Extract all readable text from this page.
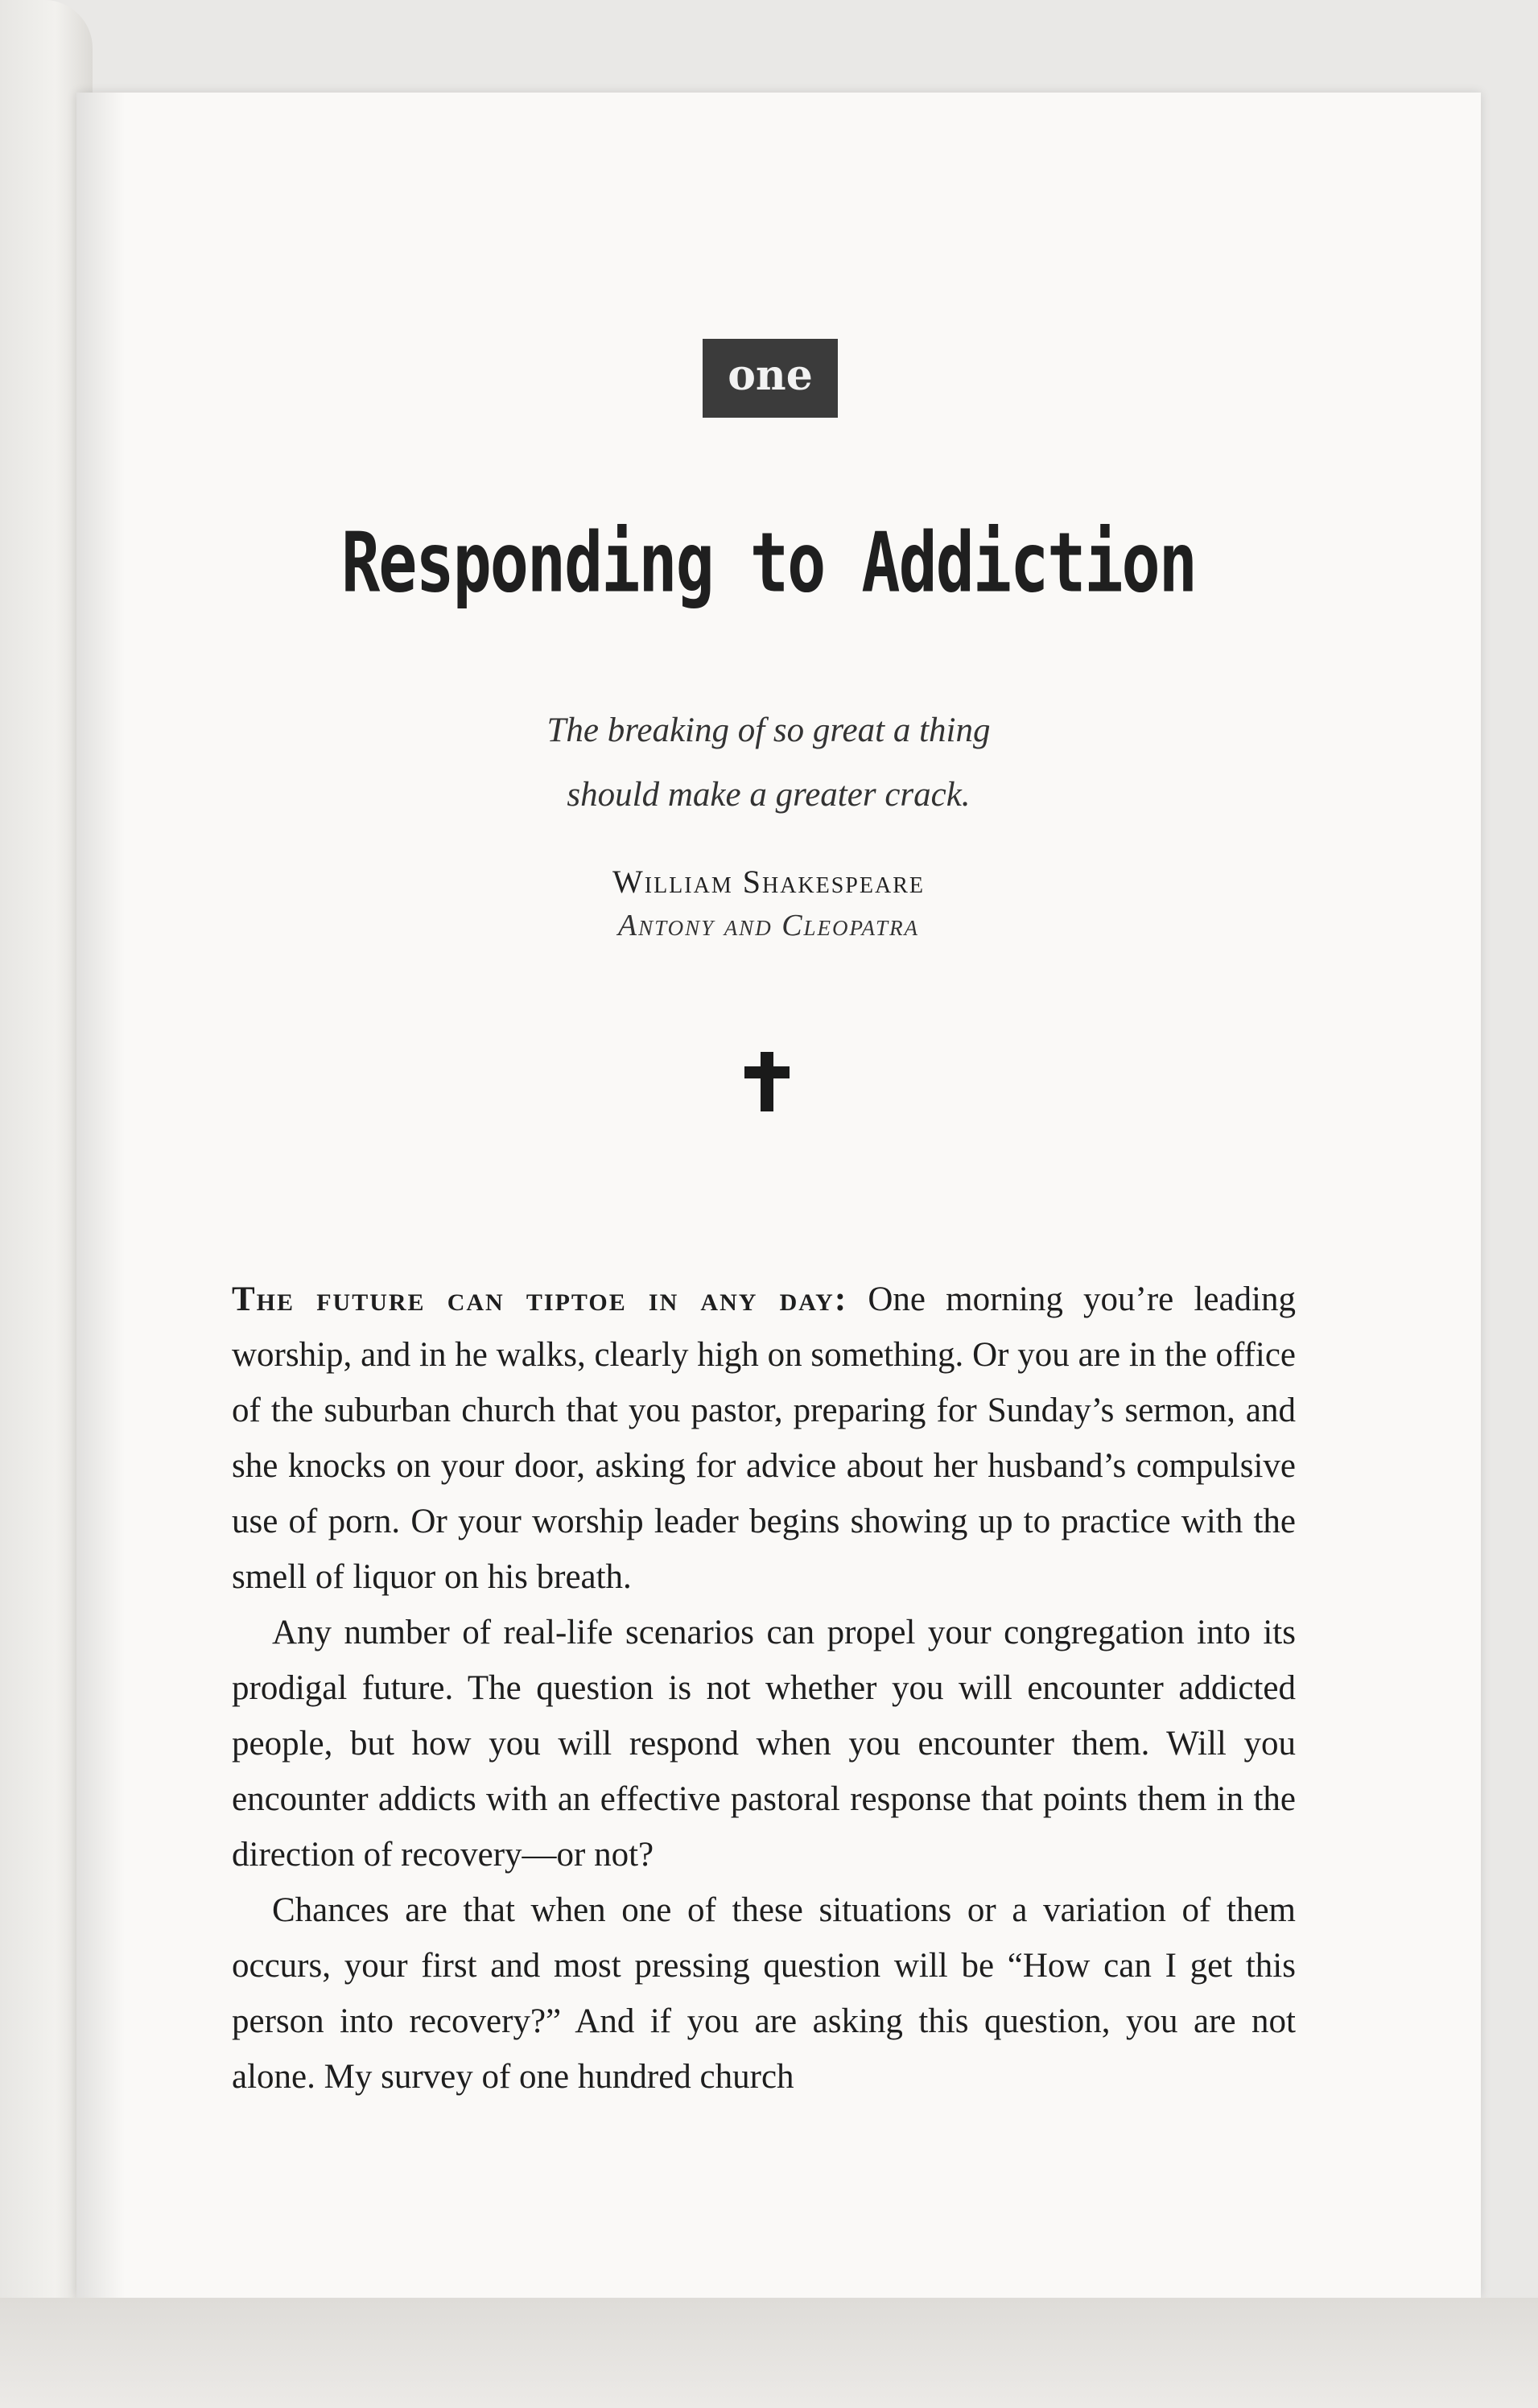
one
Responding to Addiction
The breaking of so great a thing
should make a greater crack.
William Shakespeare
Antony and Cleopatra

The future can tiptoe in any day: One morning you’re leading worship, and in he walks, clearly high on something. Or you are in the office of the suburban church that you pastor, preparing for Sunday’s sermon, and she knocks on your door, asking for advice about her husband’s compulsive use of porn. Or your worship leader begins showing up to practice with the smell of liquor on his breath.

Any number of real-life scenarios can propel your congregation into its prodigal future. The question is not whether you will encounter addicted people, but how you will respond when you encounter them. Will you encounter addicts with an effective pastoral response that points them in the direction of recovery—or not?

Chances are that when one of these situations or a variation of them occurs, your first and most pressing question will be “How can I get this person into recovery?” And if you are asking this question, you are not alone. My survey of one hundred church
